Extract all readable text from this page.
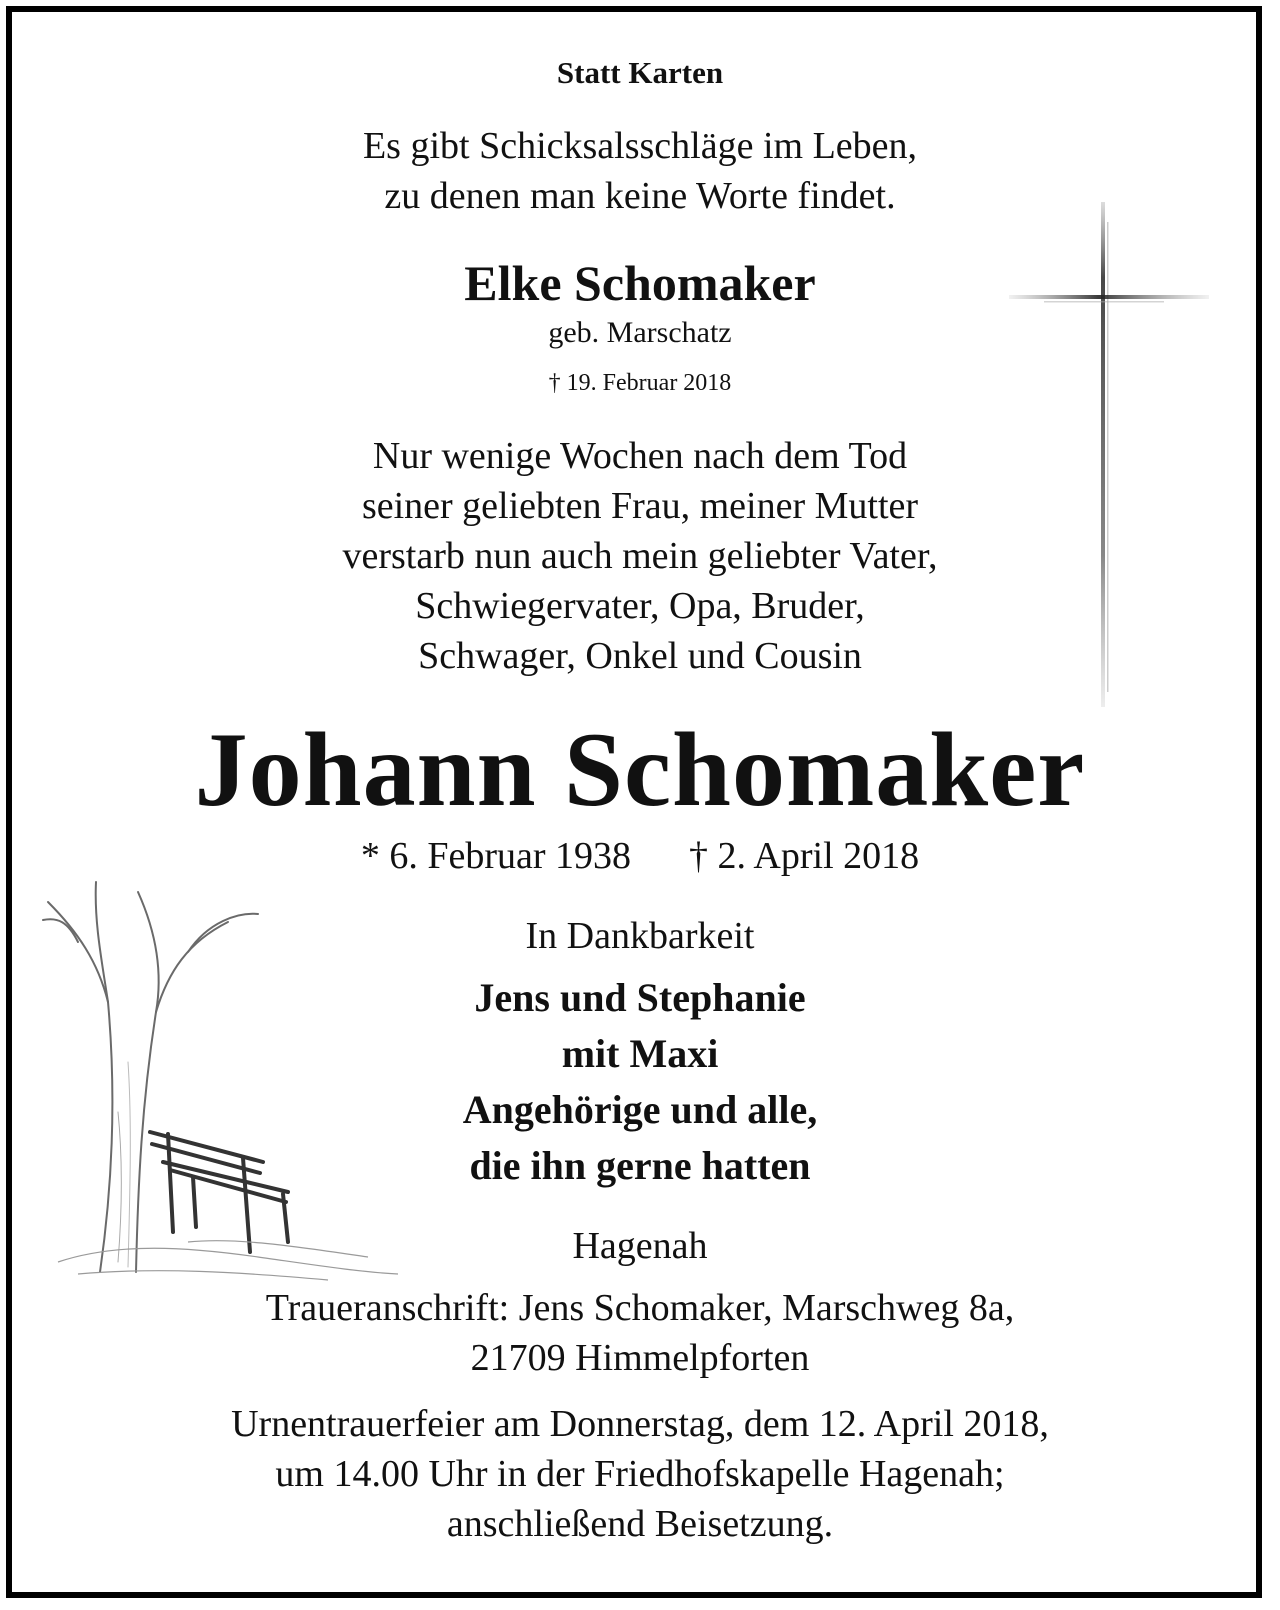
Statt Karten
Es gibt Schicksalsschläge im Leben,
zu denen man keine Worte findet.
Elke Schomaker
geb. Marschatz
† 19. Februar 2018
Nur wenige Wochen nach dem Tod
seiner geliebten Frau, meiner Mutter
verstarb nun auch mein geliebter Vater,
Schwiegervater, Opa, Bruder,
Schwager, Onkel und Cousin
Johann Schomaker
* 6. Februar 1938 † 2. April 2018
In Dankbarkeit
Jens und Stephanie
mit Maxi
Angehörige und alle,
die ihn gerne hatten
Hagenah
Traueranschrift: Jens Schomaker, Marschweg 8a,
21709 Himmelpforten
Urnentrauerfeier am Donnerstag, dem 12. April 2018,
um 14.00 Uhr in der Friedhofskapelle Hagenah;
anschließend Beisetzung.
